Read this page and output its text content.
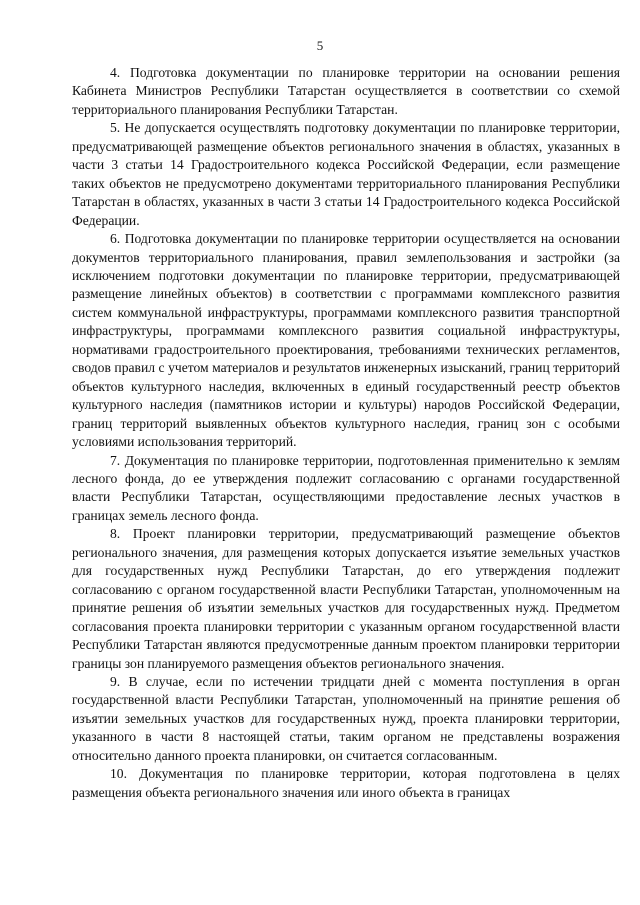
5

4. Подготовка документации по планировке территории на основании решения Кабинета Министров Республики Татарстан осуществляется в соответствии со схемой территориального планирования Республики Татарстан.

5. Не допускается осуществлять подготовку документации по планировке территории, предусматривающей размещение объектов регионального значения в областях, указанных в части 3 статьи 14 Градостроительного кодекса Российской Федерации, если размещение таких объектов не предусмотрено документами территориального планирования Республики Татарстан в областях, указанных в части 3 статьи 14 Градостроительного кодекса Российской Федерации.

6. Подготовка документации по планировке территории осуществляется на основании документов территориального планирования, правил землепользования и застройки (за исключением подготовки документации по планировке территории, предусматривающей размещение линейных объектов) в соответствии с программами комплексного развития систем коммунальной инфраструктуры, программами комплексного развития транспортной инфраструктуры, программами комплексного развития социальной инфраструктуры, нормативами градостроительного проектирования, требованиями технических регламентов, сводов правил с учетом материалов и результатов инженерных изысканий, границ территорий объектов культурного наследия, включенных в единый государственный реестр объектов культурного наследия (памятников истории и культуры) народов Российской Федерации, границ территорий выявленных объектов культурного наследия, границ зон с особыми условиями использования территорий.

7. Документация по планировке территории, подготовленная применительно к землям лесного фонда, до ее утверждения подлежит согласованию с органами государственной власти Республики Татарстан, осуществляющими предоставление лесных участков в границах земель лесного фонда.

8. Проект планировки территории, предусматривающий размещение объектов регионального значения, для размещения которых допускается изъятие земельных участков для государственных нужд Республики Татарстан, до его утверждения подлежит согласованию с органом государственной власти Республики Татарстан, уполномоченным на принятие решения об изъятии земельных участков для государственных нужд. Предметом согласования проекта планировки территории с указанным органом государственной власти Республики Татарстан являются предусмотренные данным проектом планировки территории границы зон планируемого размещения объектов регионального значения.

9. В случае, если по истечении тридцати дней с момента поступления в орган государственной власти Республики Татарстан, уполномоченный на принятие решения об изъятии земельных участков для государственных нужд, проекта планировки территории, указанного в части 8 настоящей статьи, таким органом не представлены возражения относительно данного проекта планировки, он считается согласованным.

10. Документация по планировке территории, которая подготовлена в целях размещения объекта регионального значения или иного объекта в границах
